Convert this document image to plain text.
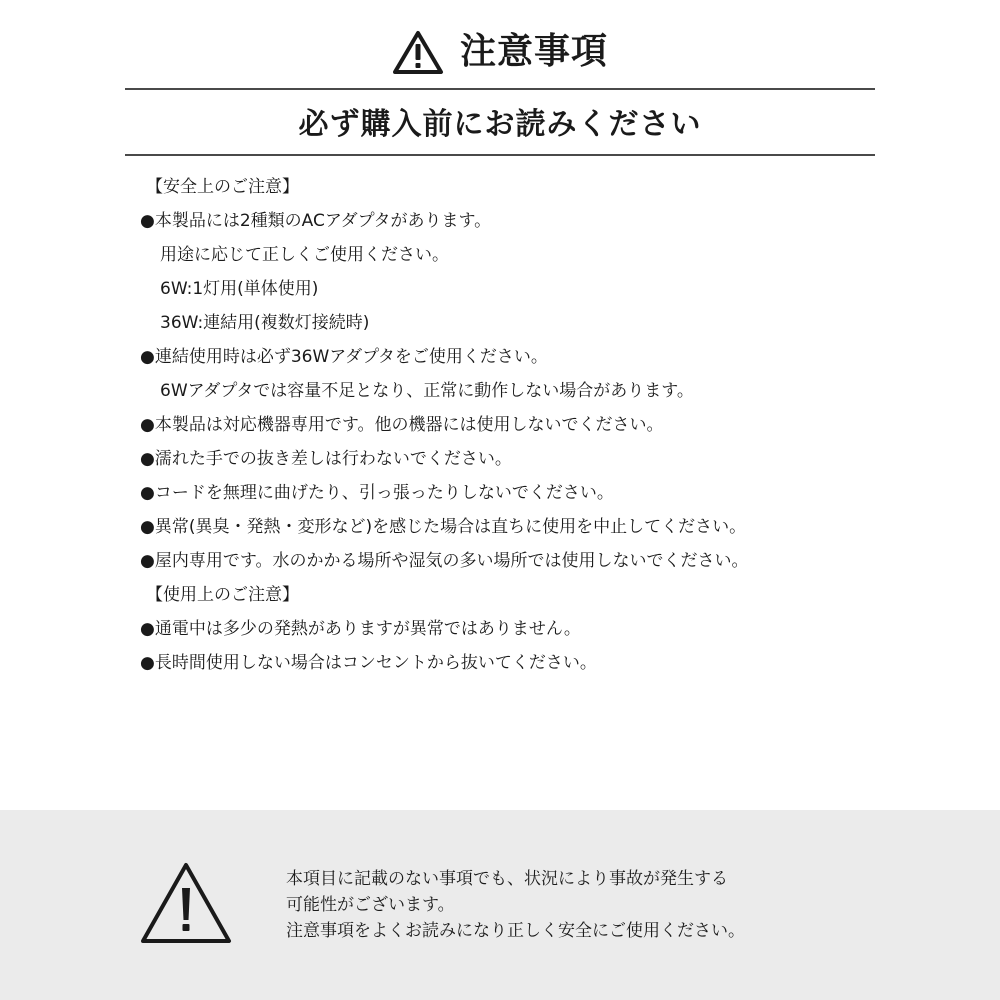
注意事項
必ず購入前にお読みください
【安全上のご注意】
●本製品には2種類のACアダプタがあります。
用途に応じて正しくご使用ください。
6W:1灯用(単体使用)
36W:連結用(複数灯接続時)
●連結使用時は必ず36Wアダプタをご使用ください。
6Wアダプタでは容量不足となり、正常に動作しない場合があります。
●本製品は対応機器専用です。他の機器には使用しないでください。
●濡れた手での抜き差しは行わないでください。
●コードを無理に曲げたり、引っ張ったりしないでください。
●異常(異臭・発熱・変形など)を感じた場合は直ちに使用を中止してください。
●屋内専用です。水のかかる場所や湿気の多い場所では使用しないでください。
【使用上のご注意】
●通電中は多少の発熱がありますが異常ではありません。
●長時間使用しない場合はコンセントから抜いてください。
本項目に記載のない事項でも、状況により事故が発生する
可能性がございます。
注意事項をよくお読みになり正しく安全にご使用ください。
